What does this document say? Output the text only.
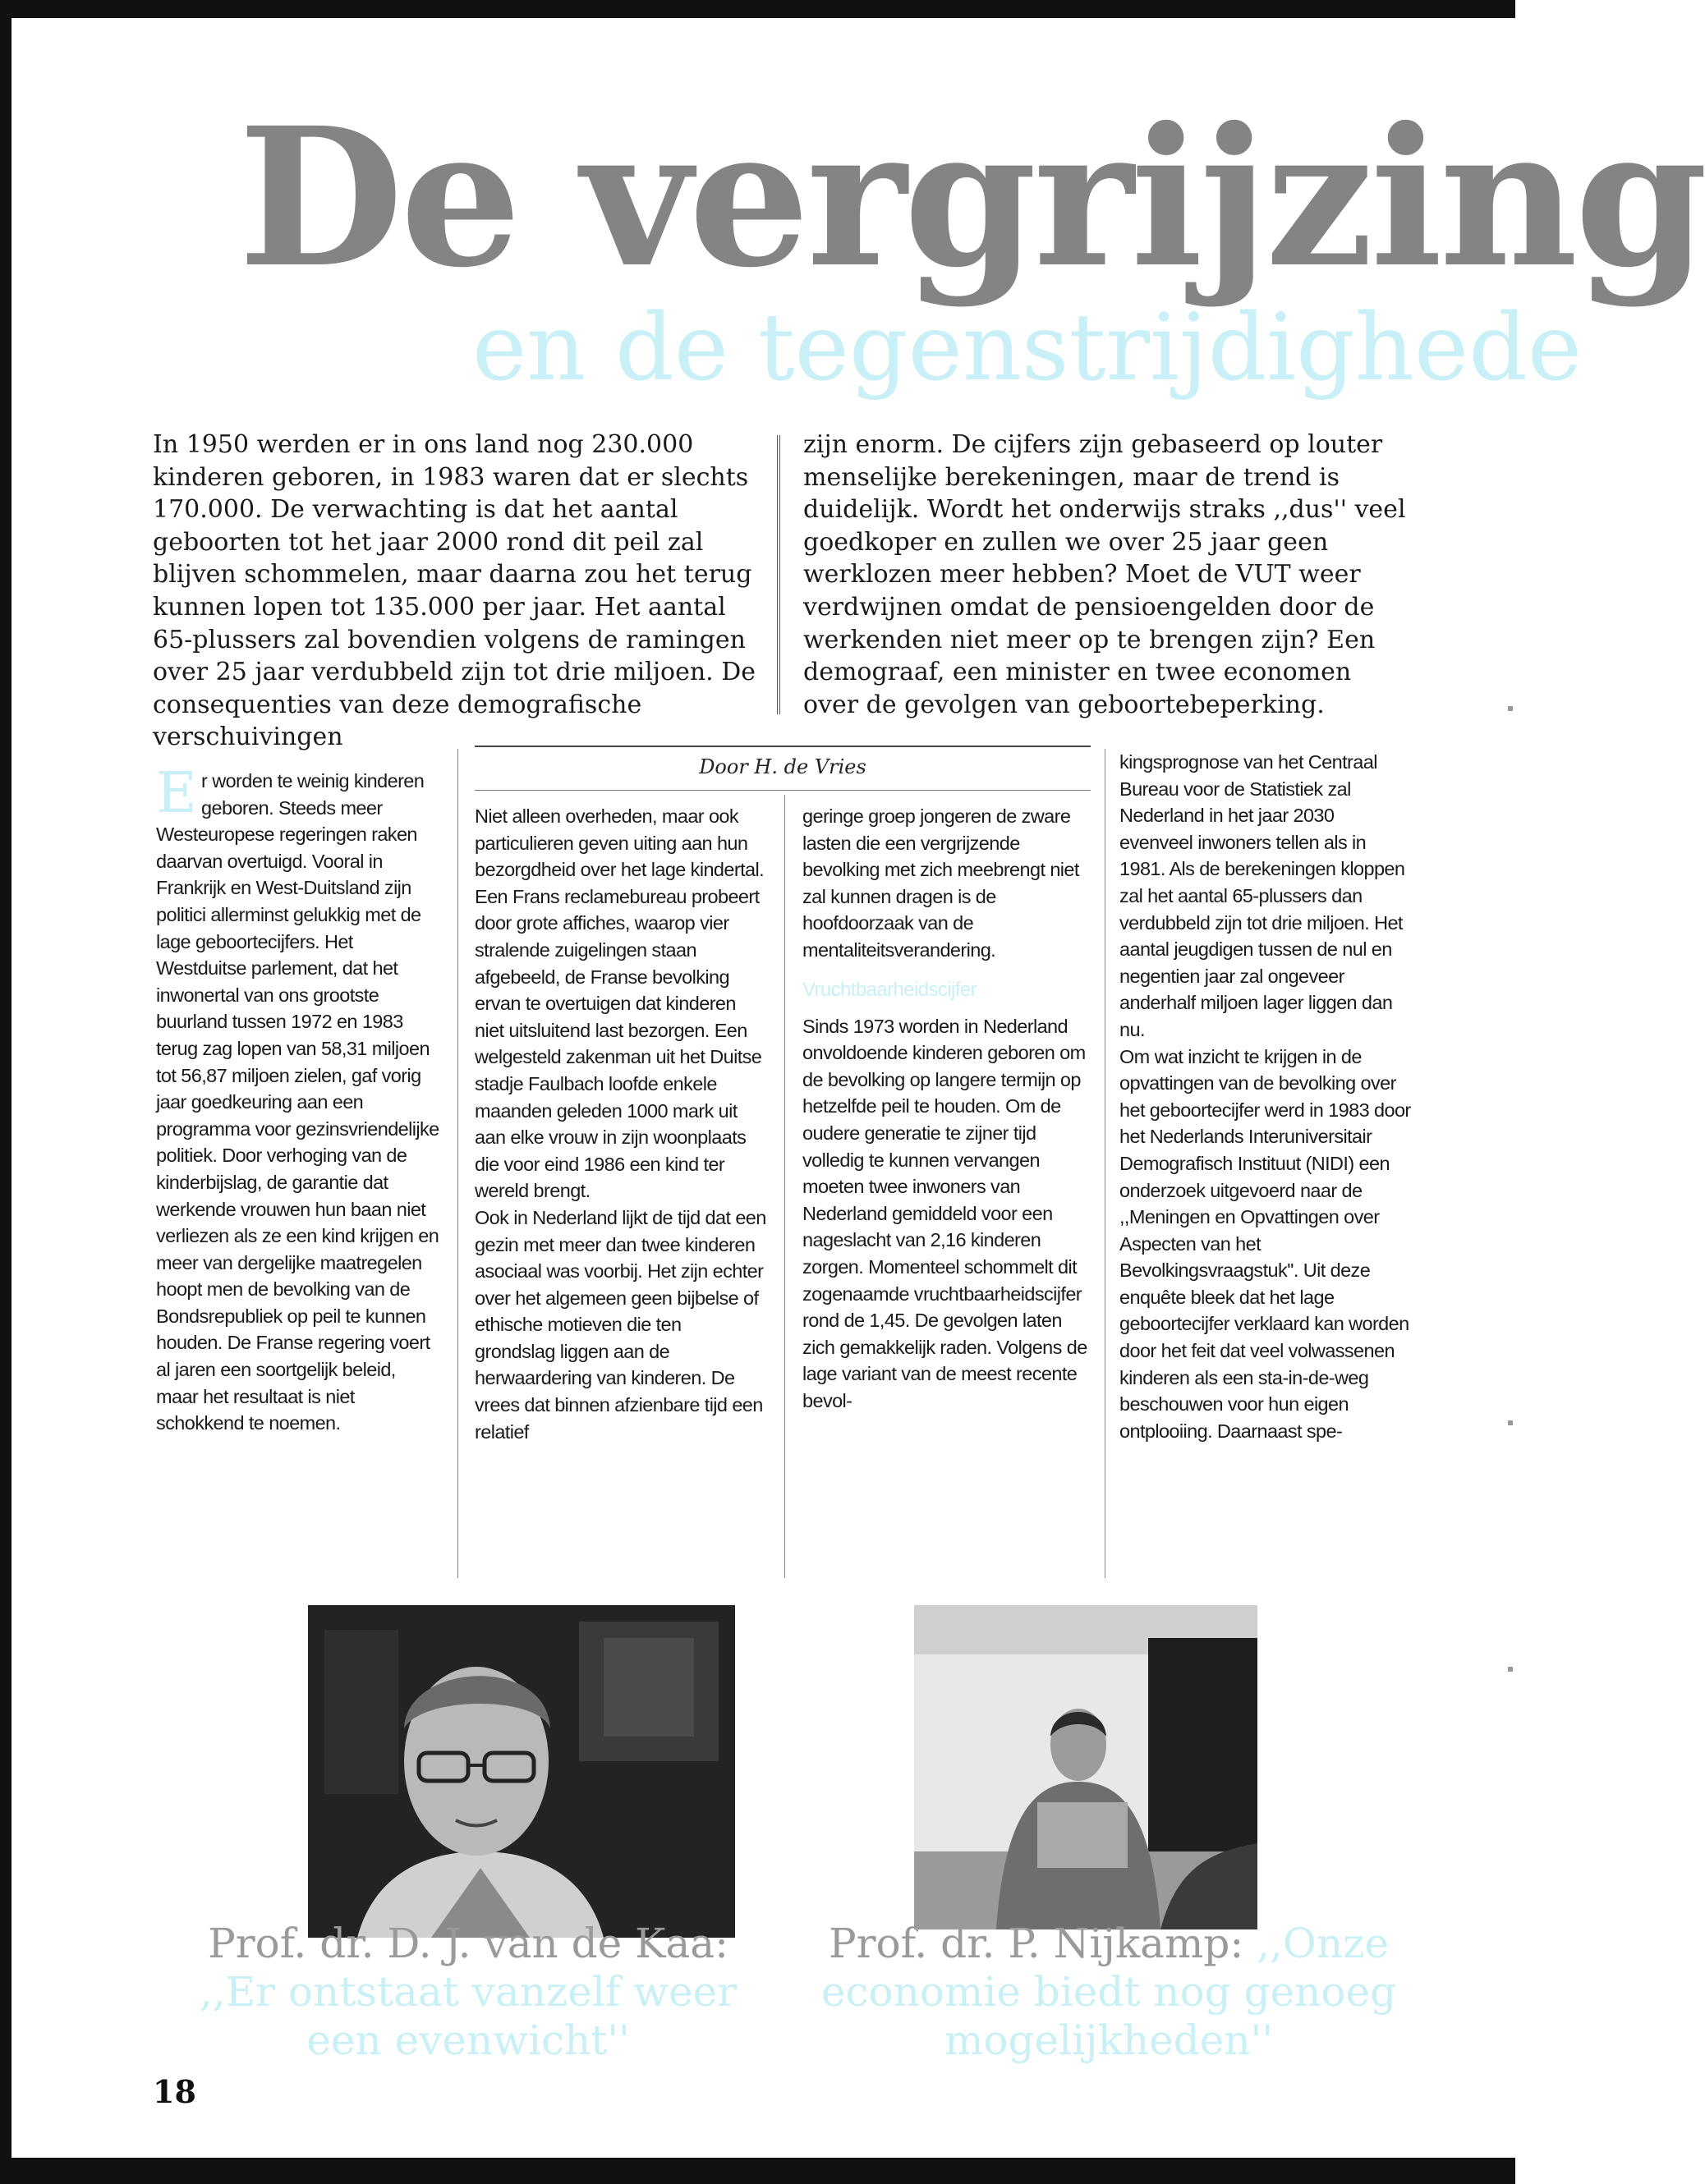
De vergrijzing
en de tegenstrijdighede
In 1950 werden er in ons land nog 230.000 kinderen geboren, in 1983 waren dat er slechts 170.000. De verwachting is dat het aantal geboorten tot het jaar 2000 rond dit peil zal blijven schommelen, maar daarna zou het terug kunnen lopen tot 135.000 per jaar. Het aantal 65-plussers zal bovendien volgens de ramingen over 25 jaar verdubbeld zijn tot drie miljoen. De consequenties van deze demografische verschuivingen
zijn enorm. De cijfers zijn gebaseerd op louter menselijke berekeningen, maar de trend is duidelijk. Wordt het onderwijs straks ,,dus'' veel goedkoper en zullen we over 25 jaar geen werklozen meer hebben? Moet de VUT weer verdwijnen omdat de pensioengelden door de werkenden niet meer op te brengen zijn? Een demograaf, een minister en twee economen over de gevolgen van geboortebeperking.
Door H. de Vries
E r worden te weinig kinderen geboren. Steeds meer Westeuropese regeringen raken daarvan overtuigd. Vooral in Frankrijk en West-Duitsland zijn politici allerminst gelukkig met de lage geboortecijfers. Het Westduitse parlement, dat het inwonertal van ons grootste buurland tussen 1972 en 1983 terug zag lopen van 58,31 miljoen tot 56,87 miljoen zielen, gaf vorig jaar goedkeuring aan een programma voor gezinsvriendelijke politiek. Door verhoging van de kinderbijslag, de garantie dat werkende vrouwen hun baan niet verliezen als ze een kind krijgen en meer van dergelijke maatregelen hoopt men de bevolking van de Bondsrepubliek op peil te kunnen houden. De Franse regering voert al jaren een soortgelijk beleid, maar het resultaat is niet schokkend te noemen.

Niet alleen overheden, maar ook particulieren geven uiting aan hun bezorgdheid over het lage kindertal. Een Frans reclamebureau probeert door grote affiches, waarop vier stralende zuigelingen staan afgebeeld, de Franse bevolking ervan te overtuigen dat kinderen niet uitsluitend last bezorgen. Een welgesteld zakenman uit het Duitse stadje Faulbach loofde enkele maanden geleden 1000 mark uit aan elke vrouw in zijn woonplaats die voor eind 1986 een kind ter wereld brengt.

Ook in Nederland lijkt de tijd dat een gezin met meer dan twee kinderen asociaal was voorbij. Het zijn echter over het algemeen geen bijbelse of ethische motieven die ten grondslag liggen aan de herwaardering van kinderen. De vrees dat binnen afzienbare tijd een relatief

geringe groep jongeren de zware lasten die een vergrijzende bevolking met zich meebrengt niet zal kunnen dragen is de hoofdoorzaak van de mentaliteitsverandering.

Vruchtbaarheidscijfer

Sinds 1973 worden in Nederland onvoldoende kinderen geboren om de bevolking op langere termijn op hetzelfde peil te houden. Om de oudere generatie te zijner tijd volledig te kunnen vervangen moeten twee inwoners van Nederland gemiddeld voor een nageslacht van 2,16 kinderen zorgen. Momenteel schommelt dit zogenaamde vruchtbaarheidscijfer rond de 1,45. De gevolgen laten zich gemakkelijk raden. Volgens de lage variant van de meest recente bevol-

kingsprognose van het Centraal Bureau voor de Statistiek zal Nederland in het jaar 2030 evenveel inwoners tellen als in 1981. Als de berekeningen kloppen zal het aantal 65-plussers dan verdubbeld zijn tot drie miljoen. Het aantal jeugdigen tussen de nul en negentien jaar zal ongeveer anderhalf miljoen lager liggen dan nu.

Om wat inzicht te krijgen in de opvattingen van de bevolking over het geboortecijfer werd in 1983 door het Nederlands Interuniversitair Demografisch Instituut (NIDI) een onderzoek uitgevoerd naar de ,,Meningen en Opvattingen over Aspecten van het Bevolkingsvraagstuk''. Uit deze enquête bleek dat het lage geboortecijfer verklaard kan worden door het feit dat veel volwassenen kinderen als een sta-in-de-weg beschouwen voor hun eigen ontplooiing. Daarnaast spe-

Prof. dr. D. J. van de Kaa:
,,Er ontstaat vanzelf weer
een evenwicht''
Prof. dr. P. Nijkamp: ,,Onze
economie biedt nog genoeg
mogelijkheden''
18
